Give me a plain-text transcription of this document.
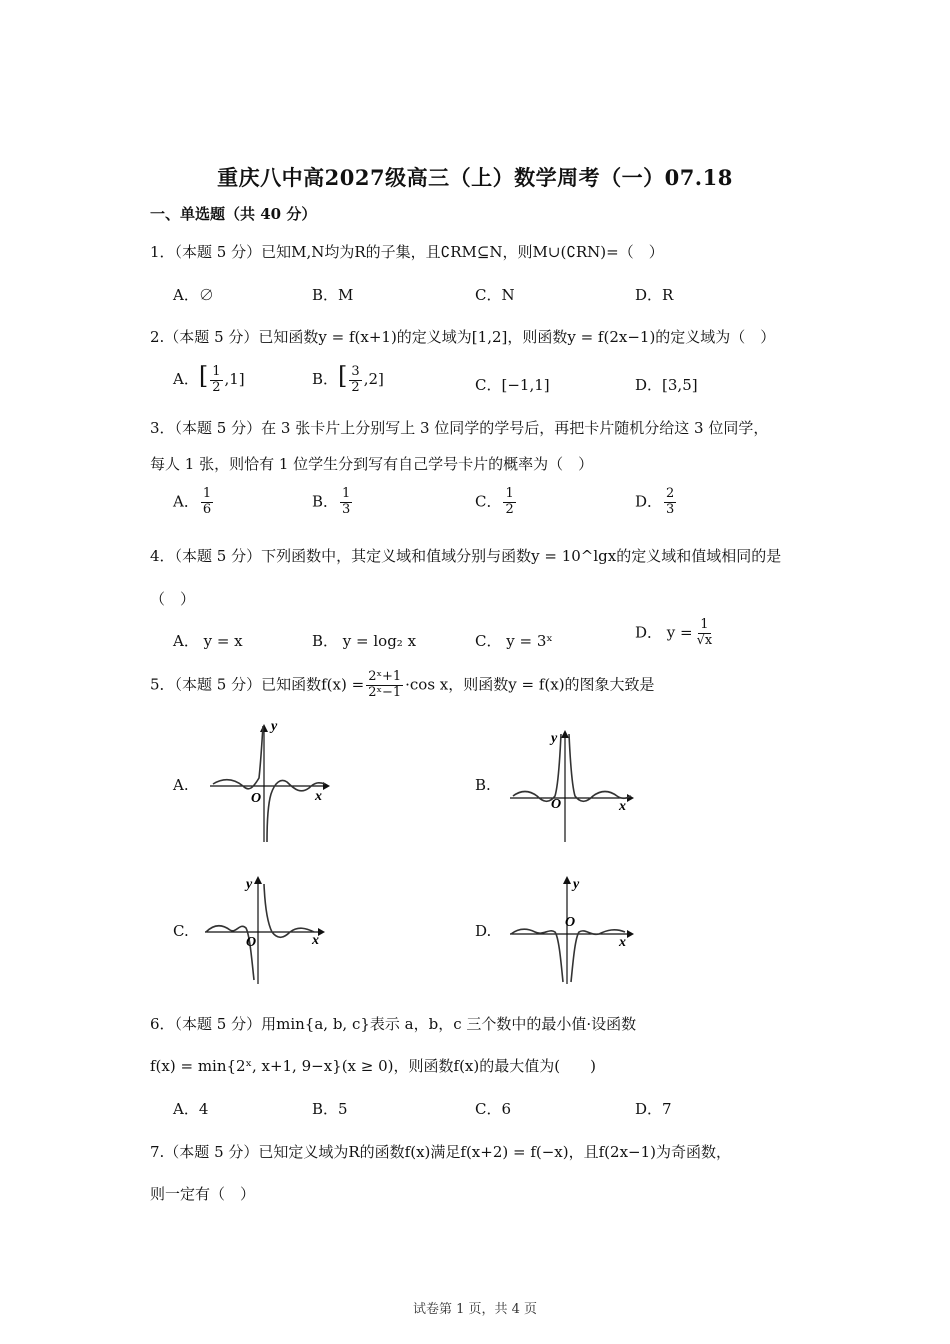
重庆八中高2027级高三（上）数学周考（一）07.18
一、单选题（共 40 分）
1．（本题 5 分）已知M,N均为R的子集，且∁RM⊆N，则M∪(∁RN)=（　）
A．∅	B．M	C．N	D．R
2.（本题 5 分）已知函数y = f(x+1)的定义域为[1,2]，则函数y = f(2x−1)的定义域为（　）
A．[ $\frac{1}{2} ,1$]	B．[ $\frac{3}{2} ,2$]	C．[−1,1]	D．[3,5]
3．（本题 5 分）在 3 张卡片上分别写上 3 位同学的学号后，再把卡片随机分给这 3 位同学，
每人 1 张，则恰有 1 位学生分到写有自己学号卡片的概率为（　）
A． $\frac{1}{6}$	B． $\frac{1}{3}$	C． $\frac{1}{2}$	D． $\frac{2}{3}$
4．（本题 5 分）下列函数中，其定义域和值域分别与函数y = 10^lgx的定义域和值域相同的是
（　）
A． y = x	B． y = log₂ x	C． y = 3ˣ	D． $y = \frac{1}{√x}$
5．（本题 5 分）已知函数$f(x) = \frac{\text{2ˣ+1}}{\text{2ˣ−1}} \cdot\cos$ x，则函数y = f(x)的图象大致是
A.	B.
C.	D.
y
x
O
y
x
O
y
x
O
y
x
O
6．（本题 5 分）用min{a, b, c}表示 a，b，c 三个数中的最小值·设函数
f(x) = min{2ˣ, x+1, 9−x}(x ≥ 0)，则函数f(x)的最大值为(　　)
A．4	B．5	C．6	D．7
7.（本题 5 分）已知定义域为R的函数f(x)满足f(x+2) = f(−x)，且f(2x−1)为奇函数，
则一定有（　）
试卷第 1 页，共 4 页
